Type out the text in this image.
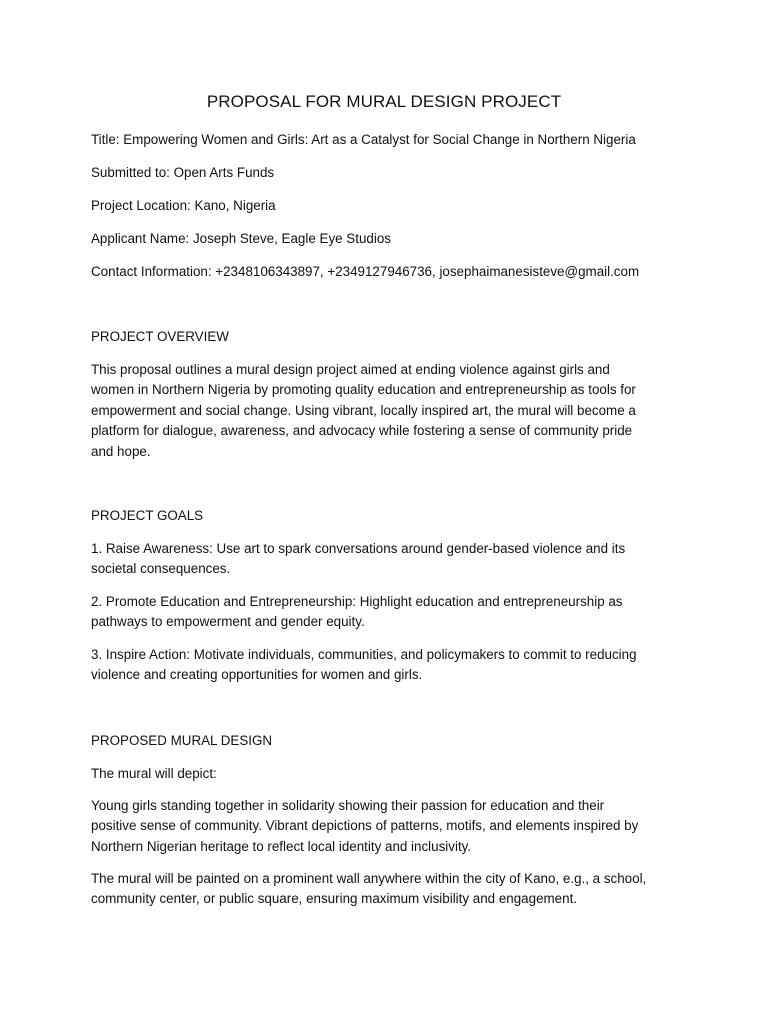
PROPOSAL FOR MURAL DESIGN PROJECT
Title: Empowering Women and Girls: Art as a Catalyst for Social Change in Northern Nigeria
Submitted to: Open Arts Funds
Project Location: Kano, Nigeria
Applicant Name: Joseph Steve, Eagle Eye Studios
Contact Information: +2348106343897, +2349127946736, josephaimanesisteve@gmail.com
PROJECT OVERVIEW
This proposal outlines a mural design project aimed at ending violence against girls and
women in Northern Nigeria by promoting quality education and entrepreneurship as tools for
empowerment and social change. Using vibrant, locally inspired art, the mural will become a
platform for dialogue, awareness, and advocacy while fostering a sense of community pride
and hope.
PROJECT GOALS
1. Raise Awareness: Use art to spark conversations around gender-based violence and its
societal consequences.
2. Promote Education and Entrepreneurship: Highlight education and entrepreneurship as
pathways to empowerment and gender equity.
3. Inspire Action: Motivate individuals, communities, and policymakers to commit to reducing
violence and creating opportunities for women and girls.
PROPOSED MURAL DESIGN
The mural will depict:
Young girls standing together in solidarity showing their passion for education and their
positive sense of community. Vibrant depictions of patterns, motifs, and elements inspired by
Northern Nigerian heritage to reflect local identity and inclusivity.
The mural will be painted on a prominent wall anywhere within the city of Kano, e.g., a school,
community center, or public square, ensuring maximum visibility and engagement.
